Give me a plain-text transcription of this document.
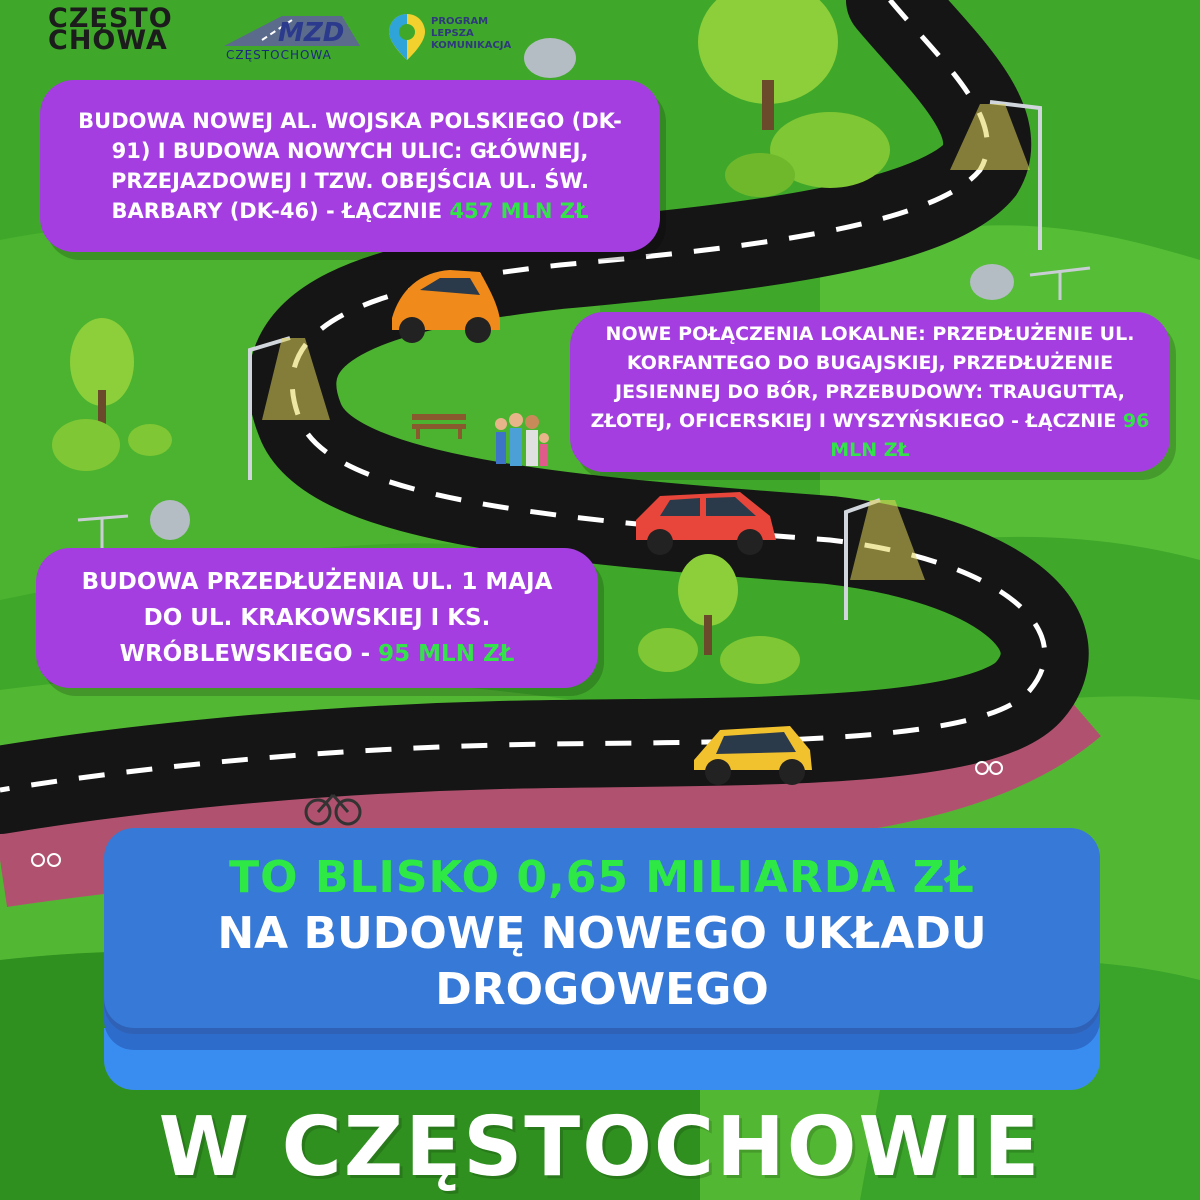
CZĘSTO
CHOWA	MZD
CZĘSTOCHOWA
PROGRAM
LEPSZA
KOMUNIKACJA
BUDOWA NOWEJ AL. WOJSKA POLSKIEGO (DK-91) I BUDOWA NOWYCH ULIC: GŁÓWNEJ, PRZEJAZDOWEJ I TZW. OBEJŚCIA UL. ŚW. BARBARY (DK-46) - ŁĄCZNIE 457 MLN ZŁ
NOWE POŁĄCZENIA LOKALNE: PRZEDŁUŻENIE UL. KORFANTEGO DO BUGAJSKIEJ, PRZEDŁUŻENIE JESIENNEJ DO BÓR, PRZEBUDOWY: TRAUGUTTA, ZŁOTEJ, OFICERSKIEJ I WYSZYŃSKIEGO - ŁĄCZNIE 96 MLN ZŁ
BUDOWA PRZEDŁUŻENIA UL. 1 MAJA DO UL. KRAKOWSKIEJ I KS. WRÓBLEWSKIEGO - 95 MLN ZŁ
TO BLISKO 0,65 MILIARDA ZŁ
NA BUDOWĘ NOWEGO UKŁADU DROGOWEGO
W CZĘSTOCHOWIE
